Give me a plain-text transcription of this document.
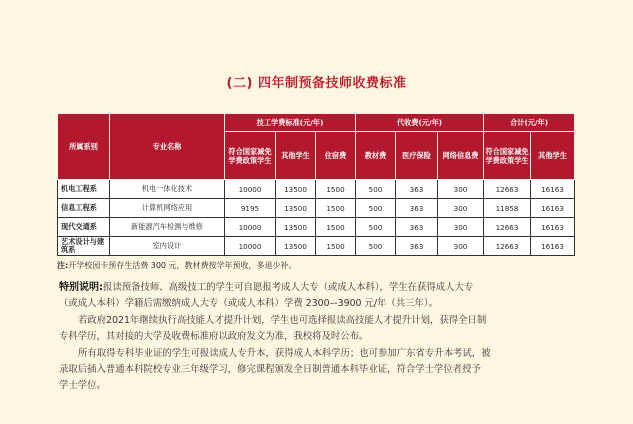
(二) 四年制预备技师收费标准
所属系别	专业名称	技工学费标准(元/年)			代收费(元/年)			合计(元/年)	
		符合国家减免学费政策学生	其他学生	住宿费	教材费	医疗保险	网络信息费	符合国家减免学费政策学生	其他学生
机电工程系	机电一体化技术	10000	13500	1500	500	363	300	12663	16163
信息工程系	计算机网络应用	9195	13500	1500	500	363	300	11858	16163
现代交通系	新能源汽车检测与维修	10000	13500	1500	500	363	300	12663	16163
艺术设计与建筑系	室内设计	10000	13500	1500	500	363	300	12663	16163
注:开学校园卡预存生活费 300 元，教材费按学年预收，多退少补。
特别说明:报读预备技师、高级技工的学生可自愿报考成人大专（或成人本科），学生在获得成人大专
（或成人本科）学籍后需缴纳成人大专（或成人本科）学费 2300–-3900 元/年（共三年）。
若政府2021年继续执行高技能人才提升计划，学生也可选择报读高技能人才提升计划，获得全日制
专科学历，其对接的大学及收费标准府以政府发文为准，我校将及时公布。
所有取得专科毕业证的学生可报读成人专升本，获得成人本科学历；也可参加广东省专升本考试，被
录取后插入普通本科院校专业三年级学习，修完课程颁发全日制普通本科毕业证，符合学士学位者授予
学士学位。
